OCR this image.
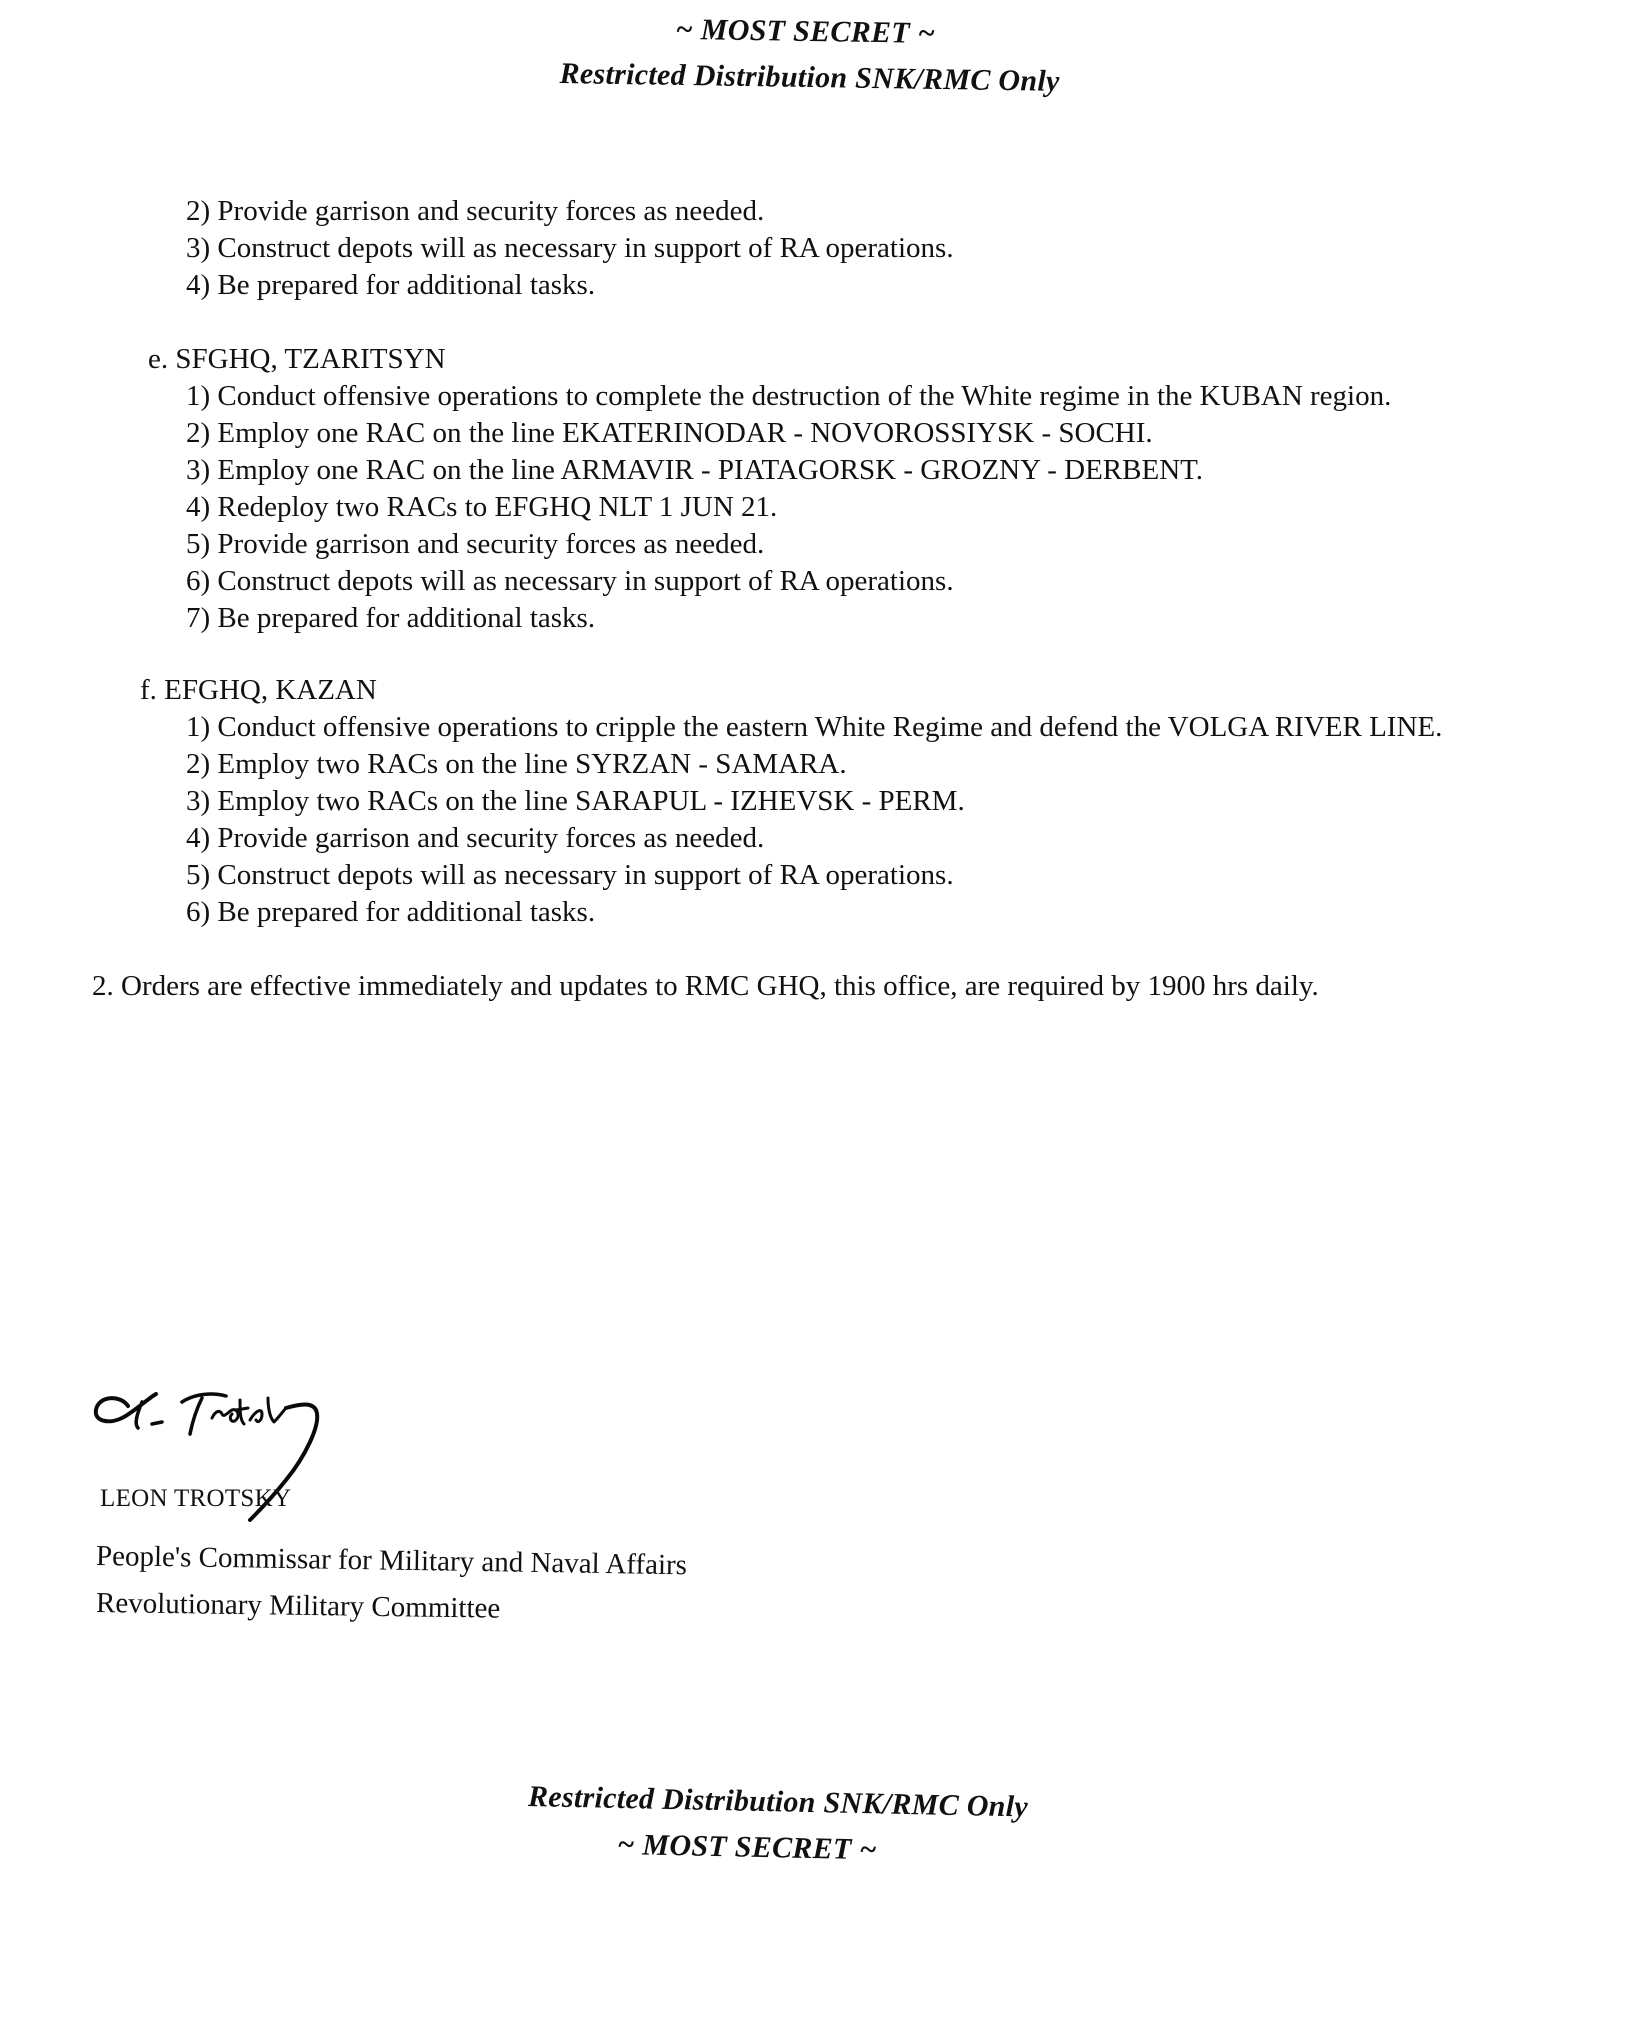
~ MOST SECRET ~
Restricted Distribution SNK/RMC Only
2) Provide garrison and security forces as needed.
3) Construct depots will as necessary in support of RA operations.
4) Be prepared for additional tasks.
e. SFGHQ, TZARITSYN
1) Conduct offensive operations to complete the destruction of the White regime in the KUBAN region.
2) Employ one RAC on the line EKATERINODAR - NOVOROSSIYSK - SOCHI.
3) Employ one RAC on the line ARMAVIR - PIATAGORSK - GROZNY - DERBENT.
4) Redeploy two RACs to EFGHQ NLT 1 JUN 21.
5) Provide garrison and security forces as needed.
6) Construct depots will as necessary in support of RA operations.
7) Be prepared for additional tasks.
f. EFGHQ, KAZAN
1) Conduct offensive operations to cripple the eastern White Regime and defend the VOLGA RIVER LINE.
2) Employ two RACs on the line SYRZAN - SAMARA.
3) Employ two RACs on the line SARAPUL - IZHEVSK - PERM.
4) Provide garrison and security forces as needed.
5) Construct depots will as necessary in support of RA operations.
6) Be prepared for additional tasks.
2. Orders are effective immediately and updates to RMC GHQ, this office, are required by 1900 hrs daily.
LEON TROTSKY
People's Commissar for Military and Naval Affairs
Revolutionary Military Committee
Restricted Distribution SNK/RMC Only
~ MOST SECRET ~
